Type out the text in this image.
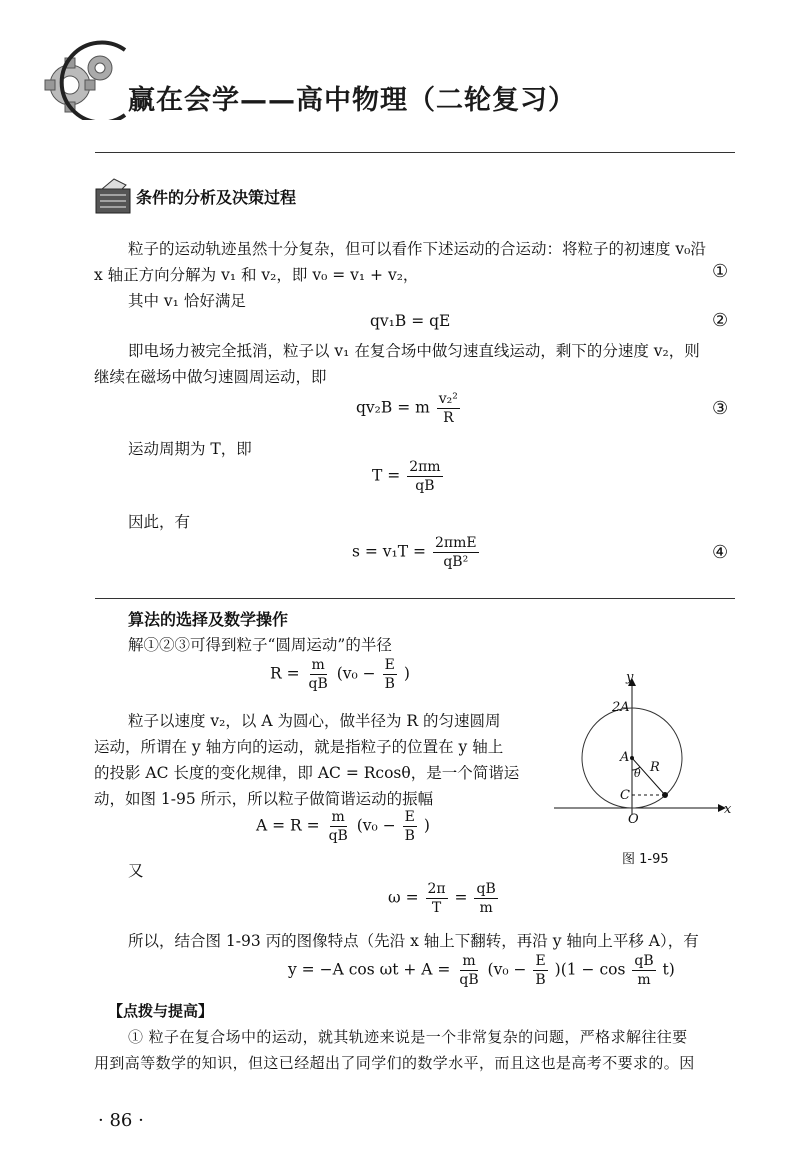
赢在会学——高中物理（二轮复习）
条件的分析及决策过程
粒子的运动轨迹虽然十分复杂，但可以看作下述运动的合运动：将粒子的初速度 v₀沿
x 轴正方向分解为 v₁ 和 v₂，即 v₀ = v₁ + v₂，	①
其中 v₁ 恰好满足
qv₁B = qE	②
即电场力被完全抵消，粒子以 v₁ 在复合场中做匀速直线运动，剩下的分速度 v₂，则
继续在磁场中做匀速圆周运动，即
qv₂B = m $\frac{\text{v₂²}}{R}$	③
运动周期为 T，即
$T = \frac{2\pi m}{qB}$
因此，有
$s = v_1T = \frac{\text{2πmE}}{\text{qB²}}$	④
算法的选择及数学操作
解①②③可得到粒子“圆周运动”的半径
$R = \frac{m}{qB} (v_0 - \frac{E}{B}$ )
粒子以速度 v₂，以 A 为圆心，做半径为 R 的匀速圆周
运动，所谓在 y 轴方向的运动，就是指粒子的位置在 y 轴上
的投影 AC 长度的变化规律，即 AC = Rcosθ，是一个简谐运
动，如图 1-95 所示，所以粒子做简谐运动的振幅
$A = R = \frac{m}{qB} (v_0 - \frac{E}{B}$ )
又
$\omega = \frac{2\pi}{T} = \frac{qB}{m}$
所以，结合图 1-93 丙的图像特点（先沿 x 轴上下翻转，再沿 y 轴向上平移 A），有
y = −A $\cos \omega t + A = \frac{m}{qB} (v_0 - \frac{E}{B} )(1 - \cos \frac{qB}{m} t)$
y
x
2A
A
θ R
C
O
图 1-95
【点拨与提高】
① 粒子在复合场中的运动，就其轨迹来说是一个非常复杂的问题，严格求解往往要
用到高等数学的知识，但这已经超出了同学们的数学水平，而且这也是高考不要求的。因
· 86 ·
